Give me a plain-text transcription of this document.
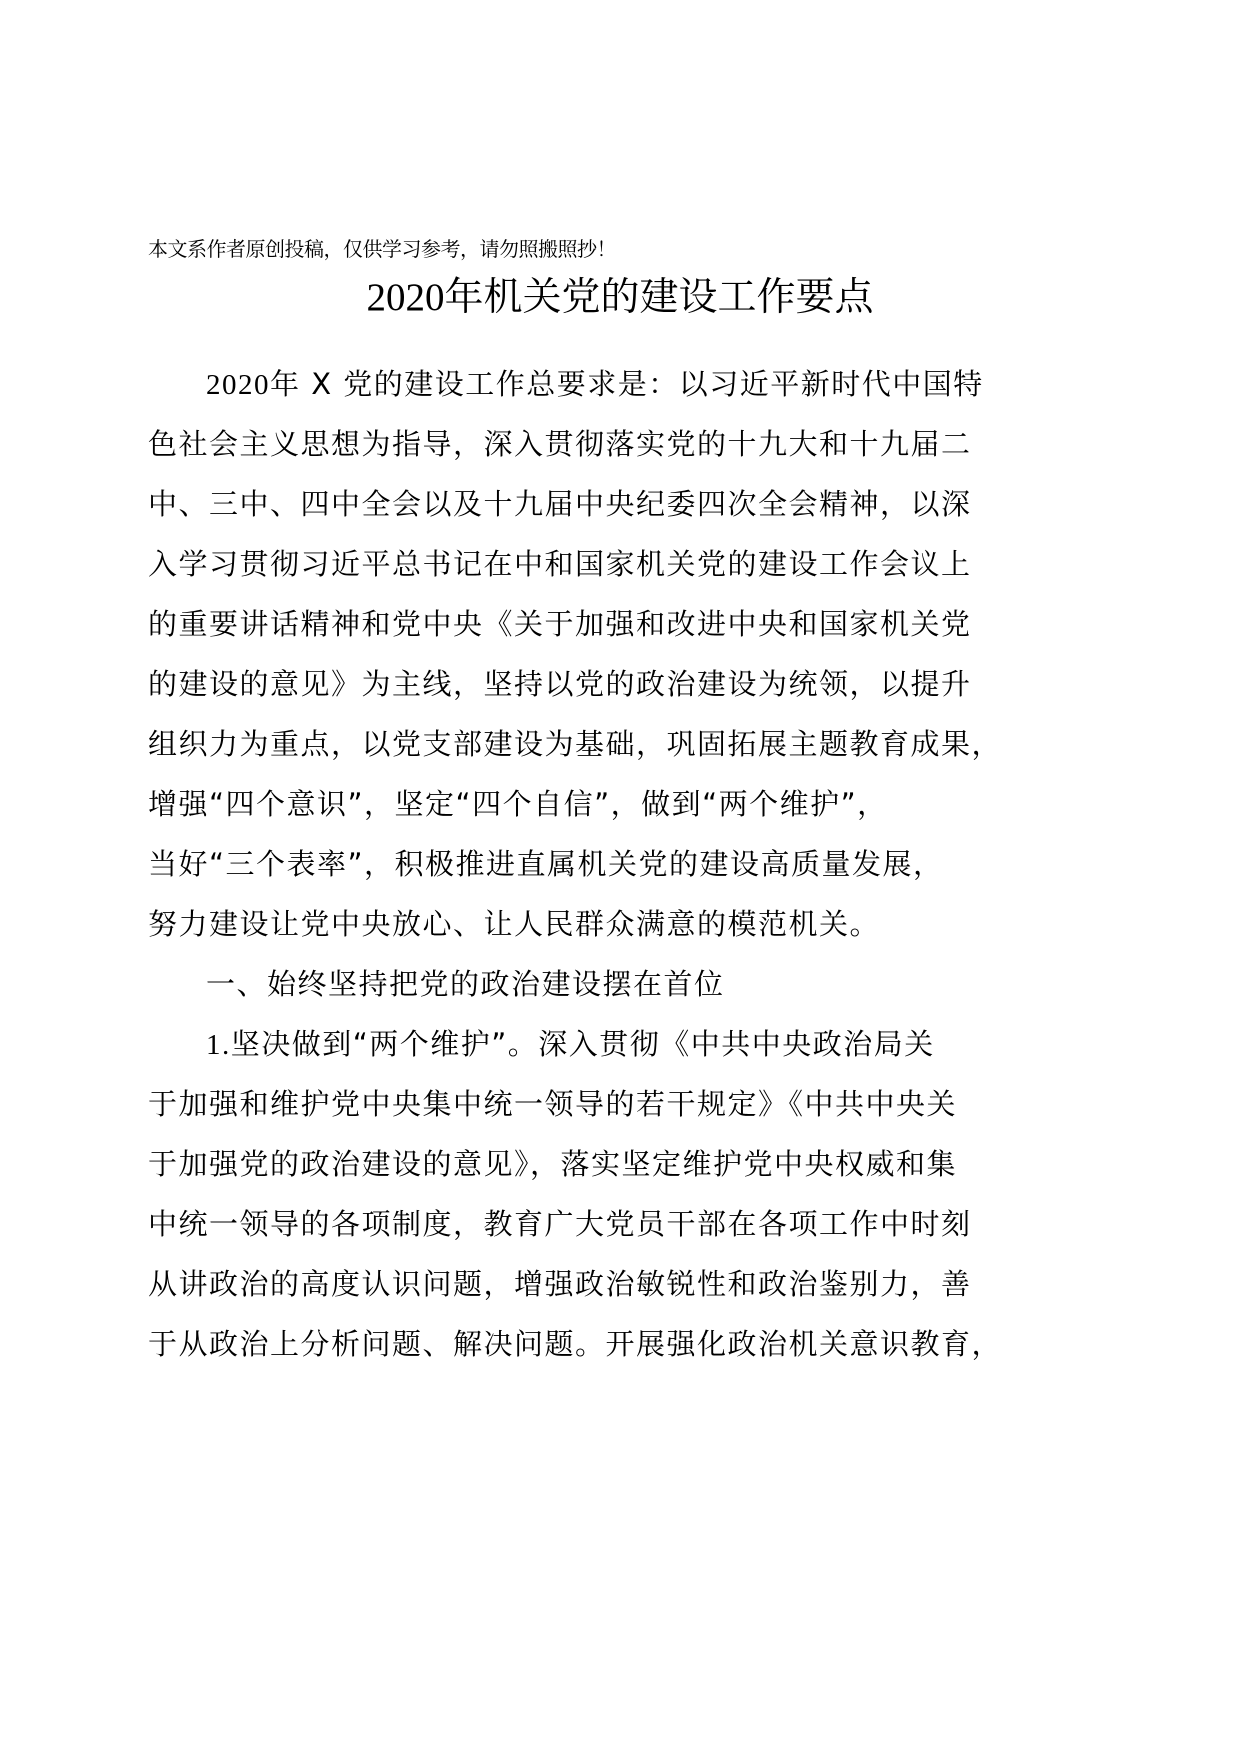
本文系作者原创投稿，仅供学习参考，请勿照搬照抄！
2020年机关党的建设工作要点
2020年 X 党的建设工作总要求是：以习近平新时代中国特
色社会主义思想为指导，深入贯彻落实党的十九大和十九届二
中、三中、四中全会以及十九届中央纪委四次全会精神，以深
入学习贯彻习近平总书记在中和国家机关党的建设工作会议上
的重要讲话精神和党中央《关于加强和改进中央和国家机关党
的建设的意见》为主线，坚持以党的政治建设为统领，以提升
组织力为重点，以党支部建设为基础，巩固拓展主题教育成果，
增强“四个意识”，坚定“四个自信”，做到“两个维护”，
当好“三个表率”，积极推进直属机关党的建设高质量发展，
努力建设让党中央放心、让人民群众满意的模范机关。
一、始终坚持把党的政治建设摆在首位
1.坚决做到“两个维护”。深入贯彻《中共中央政治局关
于加强和维护党中央集中统一领导的若干规定》《中共中央关
于加强党的政治建设的意见》，落实坚定维护党中央权威和集
中统一领导的各项制度，教育广大党员干部在各项工作中时刻
从讲政治的高度认识问题，增强政治敏锐性和政治鉴别力，善
于从政治上分析问题、解决问题。开展强化政治机关意识教育，
